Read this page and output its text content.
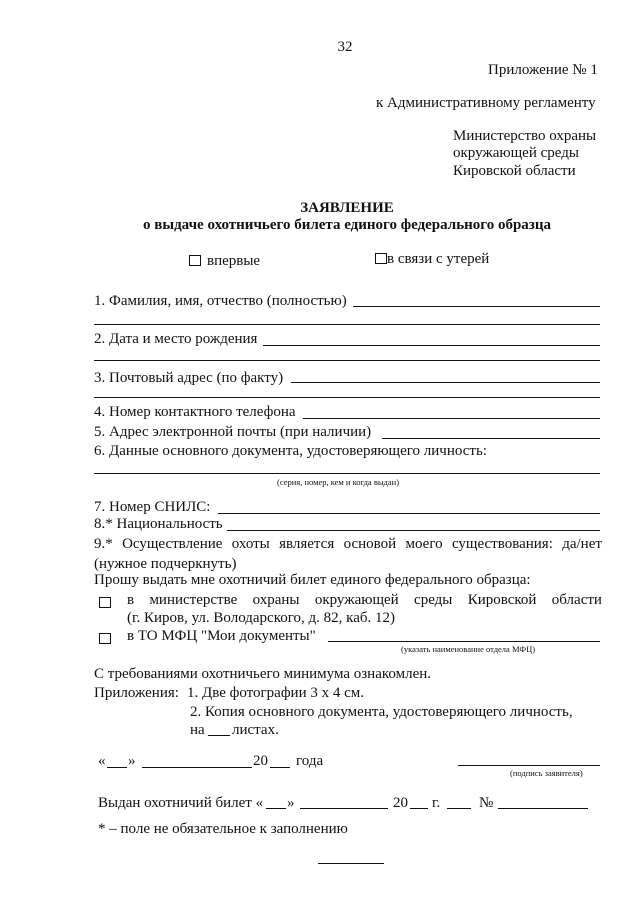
32
Приложение № 1
к Административному регламенту
Министерство охраны
окружающей среды
Кировской области
ЗАЯВЛЕНИЕ
о выдаче охотничьего билета единого федерального образца
впервые	в связи с утерей
1. Фамилия, имя, отчество (полностью)
2. Дата и место рождения
3. Почтовый адрес (по факту)
4. Номер контактного телефона
5. Адрес электронной почты (при наличии)
6. Данные основного документа, удостоверяющего личность:
(серия, номер, кем и когда выдан)
7. Номер СНИЛС:
8.* Национальность
9.* Осуществление охоты является основой моего существования: да/нет
(нужное подчеркнуть)
Прошу выдать мне охотничий билет единого федерального образца:
в министерстве охраны окружающей среды Кировской области
(г. Киров, ул. Володарского, д. 82, каб. 12)
в ТО МФЦ "Мои документы"
(указать наименование отдела МФЦ)
С требованиями охотничьего минимума ознакомлен.
Приложения: 1. Две фотографии 3 х 4 см.
2. Копия основного документа, удостоверяющего личность,
на листах.
« »	20 года
(подпись заявителя)
Выдан охотничий билет « »	20 г.	№
* – поле не обязательное к заполнению
